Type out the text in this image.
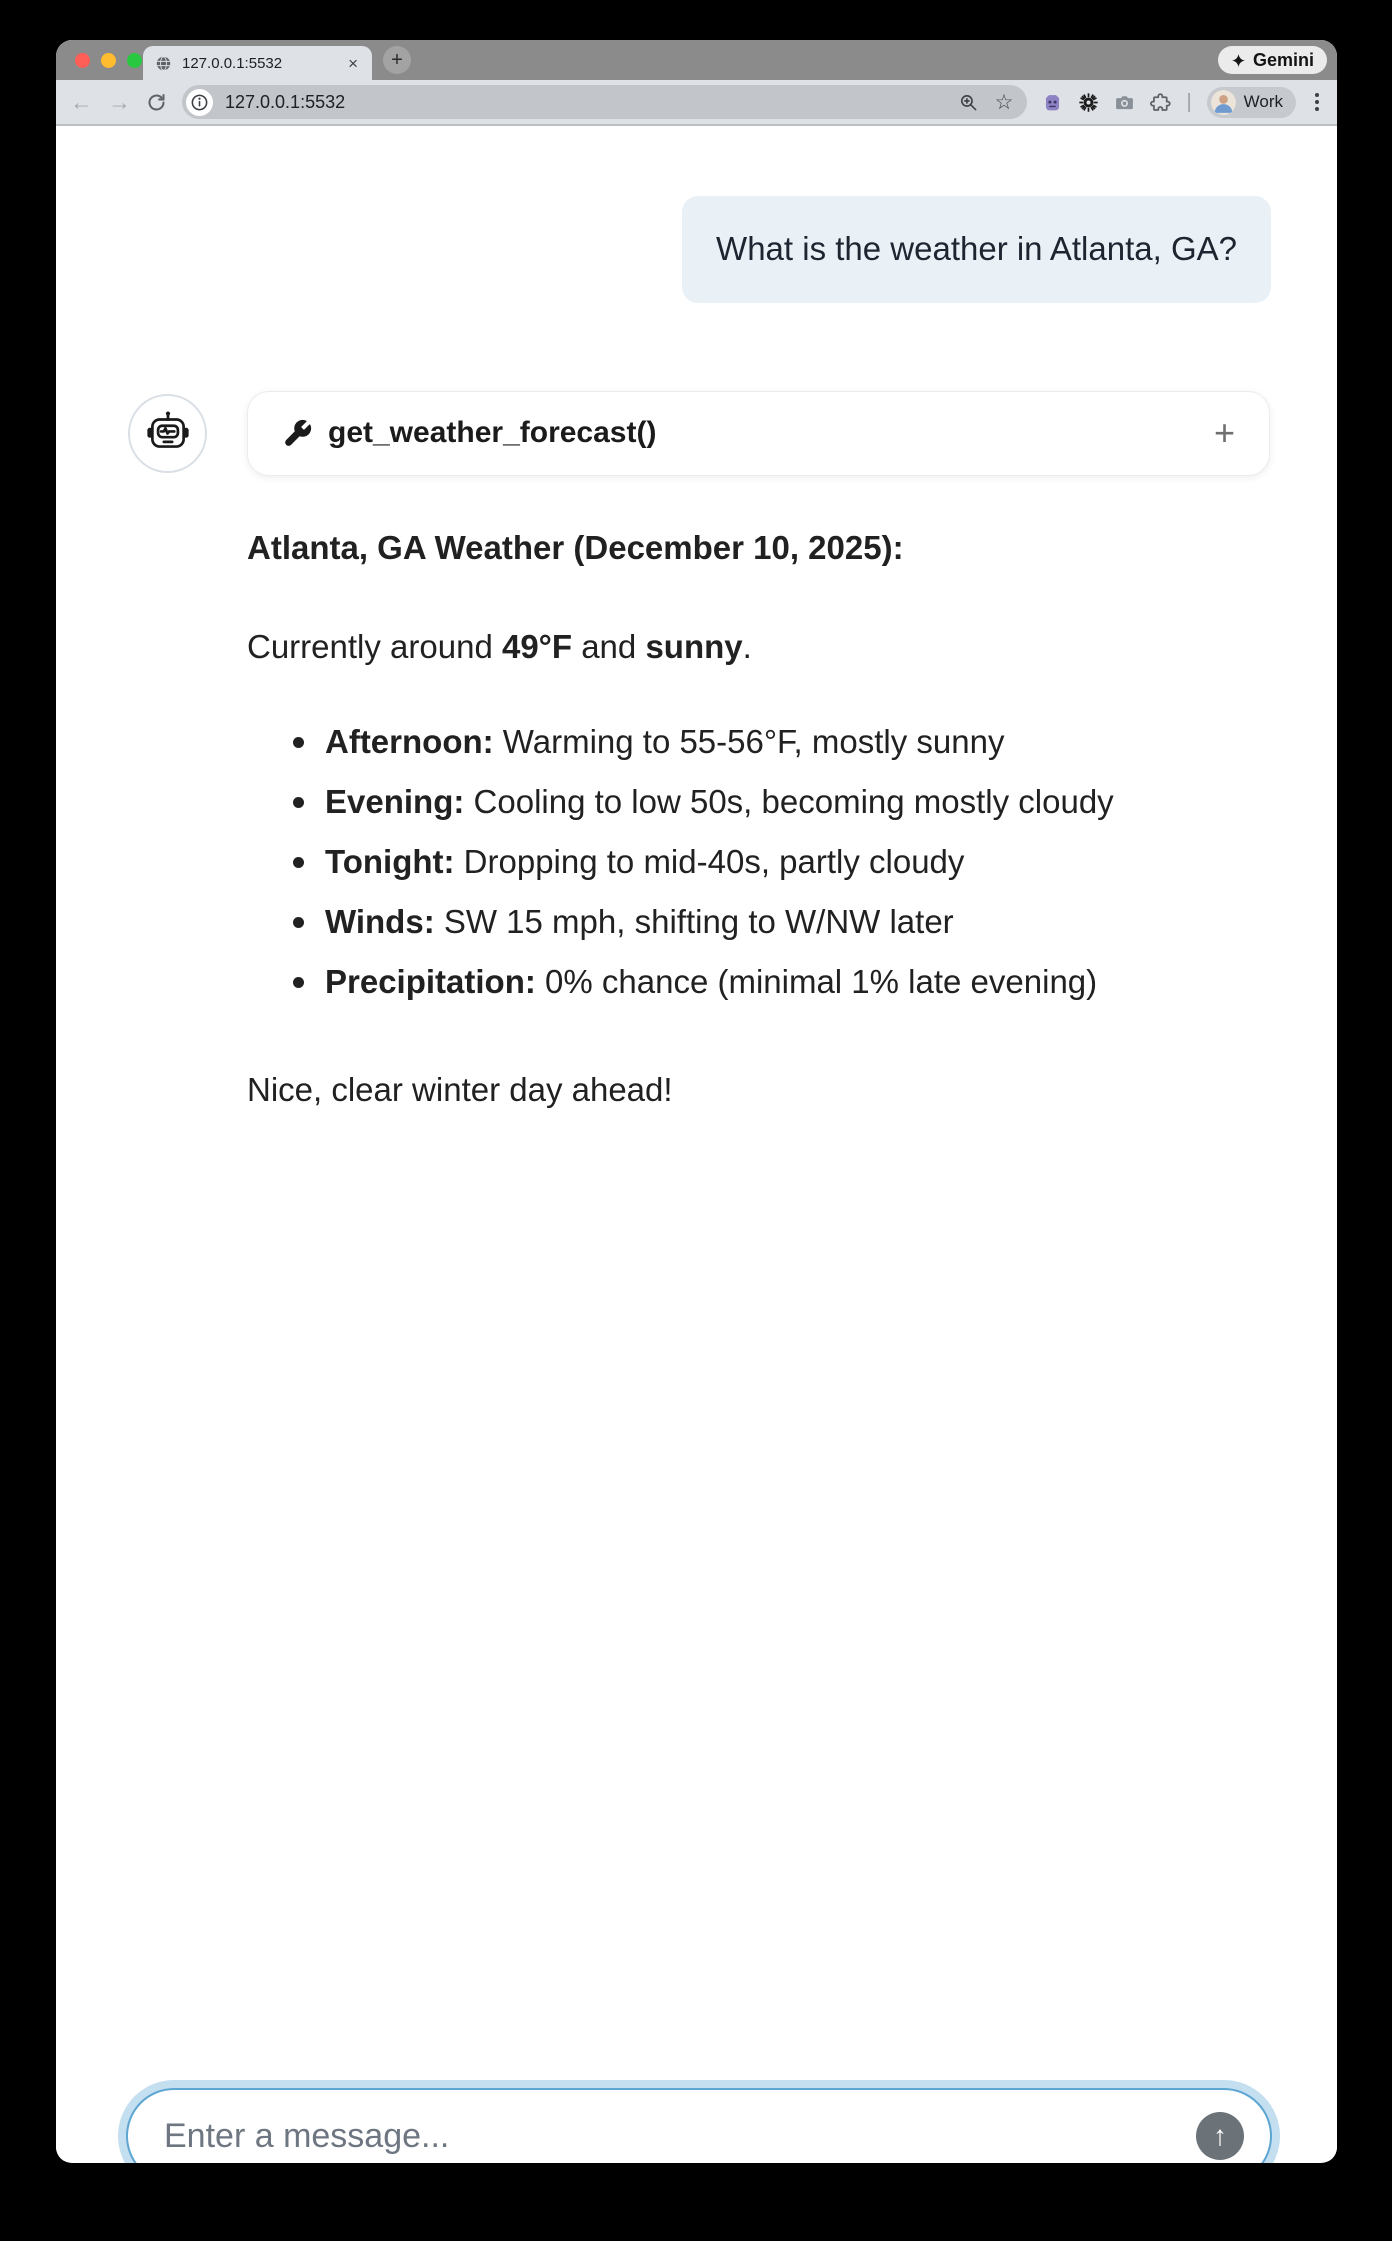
127.0.0.1:5532	×	+	Gemini
← →	127.0.0.1:5532	☆	|	Work
What is the weather in Atlanta, GA?
get_weather_forecast()	+
Atlanta, GA Weather (December 10, 2025):

Currently around 49°F and sunny.

Afternoon: Warming to 55-56°F, mostly sunny
Evening: Cooling to low 50s, becoming mostly cloudy
Tonight: Dropping to mid-40s, partly cloudy
Winds: SW 15 mph, shifting to W/NW later
Precipitation: 0% chance (minimal 1% late evening)

Nice, clear winter day ahead!

Enter a message...
↑
